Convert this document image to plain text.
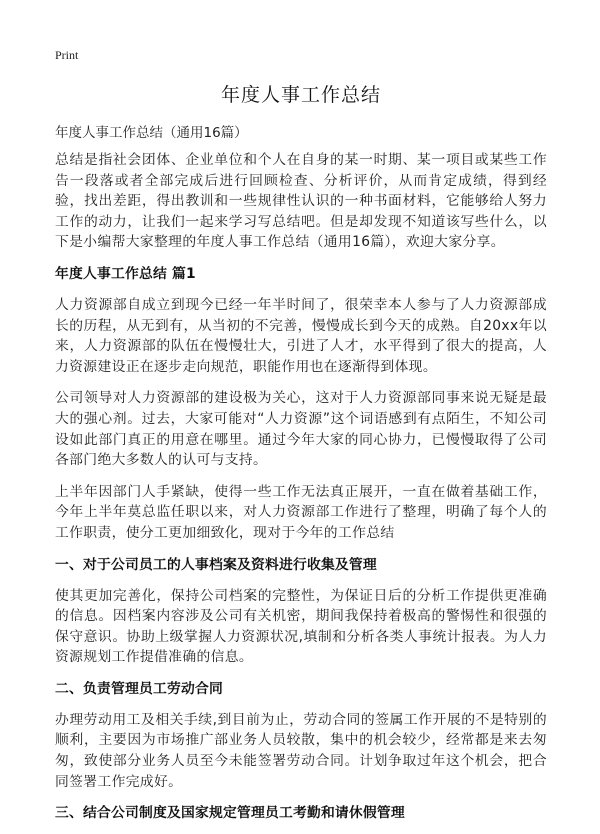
Print
年度人事工作总结
年度人事工作总结（通用16篇）

总结是指社会团体、企业单位和个人在自身的某一时期、某一项目或某些工作告一段落或者全部完成后进行回顾检查、分析评价，从而肯定成绩，得到经验，找出差距，得出教训和一些规律性认识的一种书面材料，它能够给人努力工作的动力，让我们一起来学习写总结吧。但是却发现不知道该写些什么，以下是小编帮大家整理的年度人事工作总结（通用16篇），欢迎大家分享。

年度人事工作总结 篇1

人力资源部自成立到现今已经一年半时间了，很荣幸本人参与了人力资源部成长的历程，从无到有，从当初的不完善，慢慢成长到今天的成熟。自20xx年以来，人力资源部的队伍在慢慢壮大，引进了人才，水平得到了很大的提高，人力资源建设正在逐步走向规范，职能作用也在逐渐得到体现。

公司领导对人力资源部的建设极为关心，这对于人力资源部同事来说无疑是最大的强心剂。过去，大家可能对“人力资源”这个词语感到有点陌生，不知公司设如此部门真正的用意在哪里。通过今年大家的同心协力，已慢慢取得了公司各部门绝大多数人的认可与支持。

上半年因部门人手紧缺，使得一些工作无法真正展开，一直在做着基础工作，今年上半年莫总监任职以来，对人力资源部工作进行了整理，明确了每个人的工作职责，使分工更加细致化，现对于今年的工作总结

一、对于公司员工的人事档案及资料进行收集及管理

使其更加完善化，保持公司档案的完整性，为保证日后的分析工作提供更准确的信息。因档案内容涉及公司有关机密，期间我保持着极高的警惕性和很强的保守意识。协助上级掌握人力资源状况,填制和分析各类人事统计报表。为人力资源规划工作提借准确的信息。

二、负责管理员工劳动合同

办理劳动用工及相关手续,到目前为止，劳动合同的签属工作开展的不是特别的顺利，主要因为市场推广部业务人员较散，集中的机会较少，经常都是来去匆匆，致使部分业务人员至今未能签署劳动合同。计划争取过年这个机会，把合同签署工作完成好。

三、结合公司制度及国家规定管理员工考勤和请休假管理
